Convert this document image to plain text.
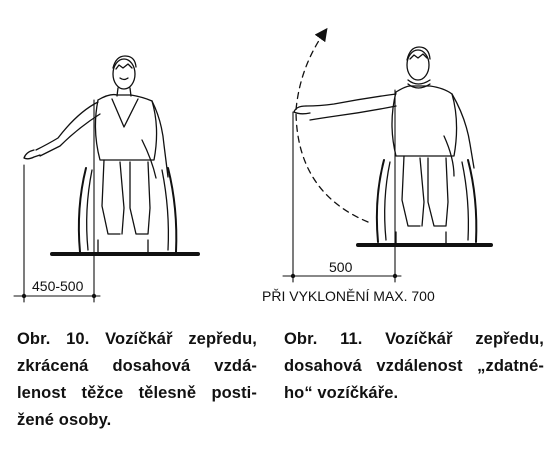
450-500
500
PŘI VYKLONĚNÍ MAX. 700
Obr. 10. Vozíčkář zepředu,
zkrácená dosahová vzdá-
lenost těžce tělesně posti-
žené osoby.
Obr. 11. Vozíčkář zepředu,
dosahová vzdálenost „zdatné-
ho“ vozíčkáře.
